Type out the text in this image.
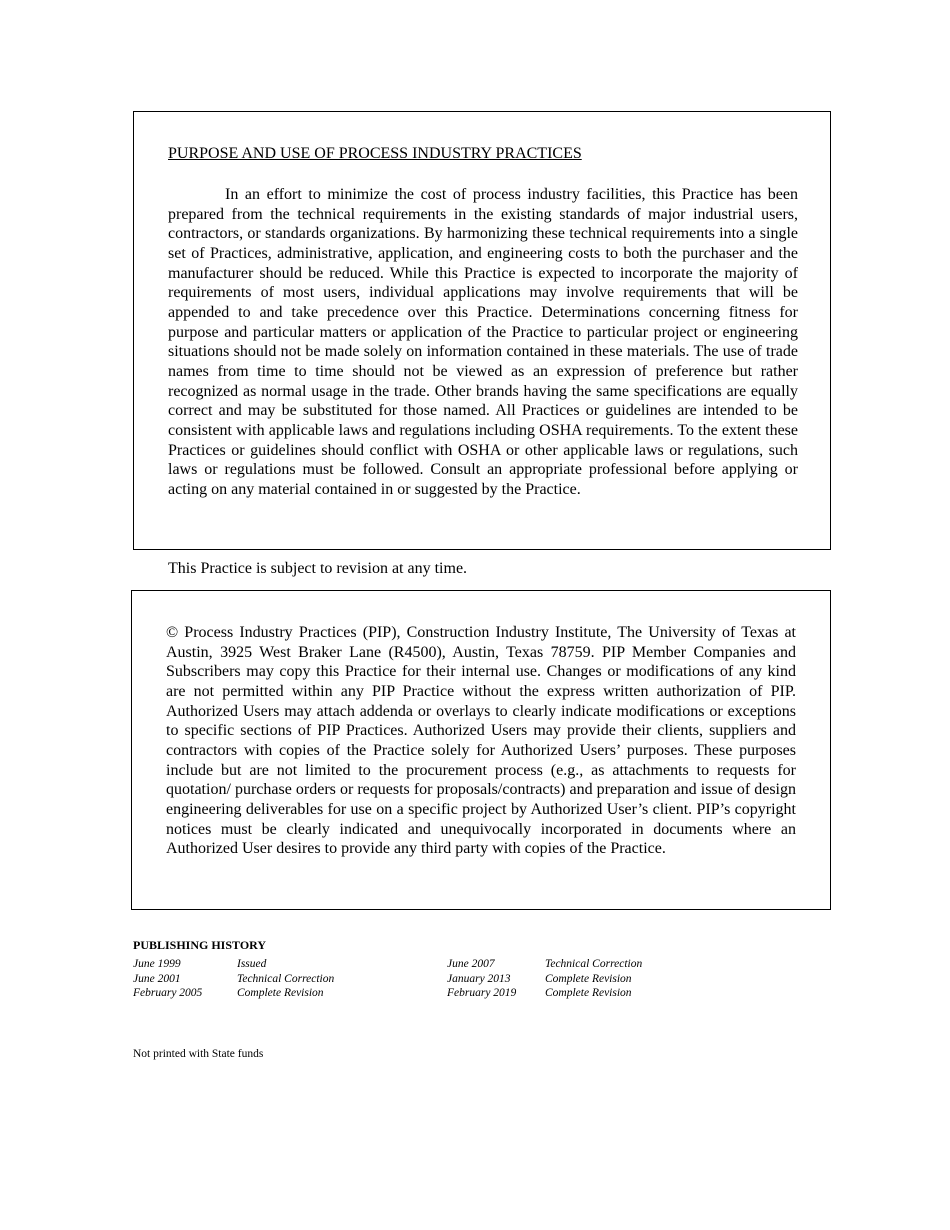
PURPOSE AND USE OF PROCESS INDUSTRY PRACTICES

In an effort to minimize the cost of process industry facilities, this Practice has been prepared from the technical requirements in the existing standards of major industrial users, contractors, or standards organizations. By harmonizing these technical requirements into a single set of Practices, administrative, application, and engineering costs to both the purchaser and the manufacturer should be reduced. While this Practice is expected to incorporate the majority of requirements of most users, individual applications may involve requirements that will be appended to and take precedence over this Practice. Determinations concerning fitness for purpose and particular matters or application of the Practice to particular project or engineering situations should not be made solely on information contained in these materials. The use of trade names from time to time should not be viewed as an expression of preference but rather recognized as normal usage in the trade. Other brands having the same specifications are equally correct and may be substituted for those named. All Practices or guidelines are intended to be consistent with applicable laws and regulations including OSHA requirements. To the extent these Practices or guidelines should conflict with OSHA or other applicable laws or regulations, such laws or regulations must be followed. Consult an appropriate professional before applying or acting on any material contained in or suggested by the Practice.

This Practice is subject to revision at any time.

© Process Industry Practices (PIP), Construction Industry Institute, The University of Texas at Austin, 3925 West Braker Lane (R4500), Austin, Texas 78759. PIP Member Companies and Subscribers may copy this Practice for their internal use. Changes or modifications of any kind are not permitted within any PIP Practice without the express written authorization of PIP. Authorized Users may attach addenda or overlays to clearly indicate modifications or exceptions to specific sections of PIP Practices. Authorized Users may provide their clients, suppliers and contractors with copies of the Practice solely for Authorized Users’ purposes. These purposes include but are not limited to the procurement process (e.g., as attachments to requests for quotation/ purchase orders or requests for proposals/contracts) and preparation and issue of design engineering deliverables for use on a specific project by Authorized User’s client. PIP’s copyright notices must be clearly indicated and unequivocally incorporated in documents where an Authorized User desires to provide any third party with copies of the Practice.

PUBLISHING HISTORY
June 1999	Issued
June 2001	Technical Correction
February 2005	Complete Revision
June 2007	Technical Correction
January 2013	Complete Revision
February 2019	Complete Revision
Not printed with State funds
